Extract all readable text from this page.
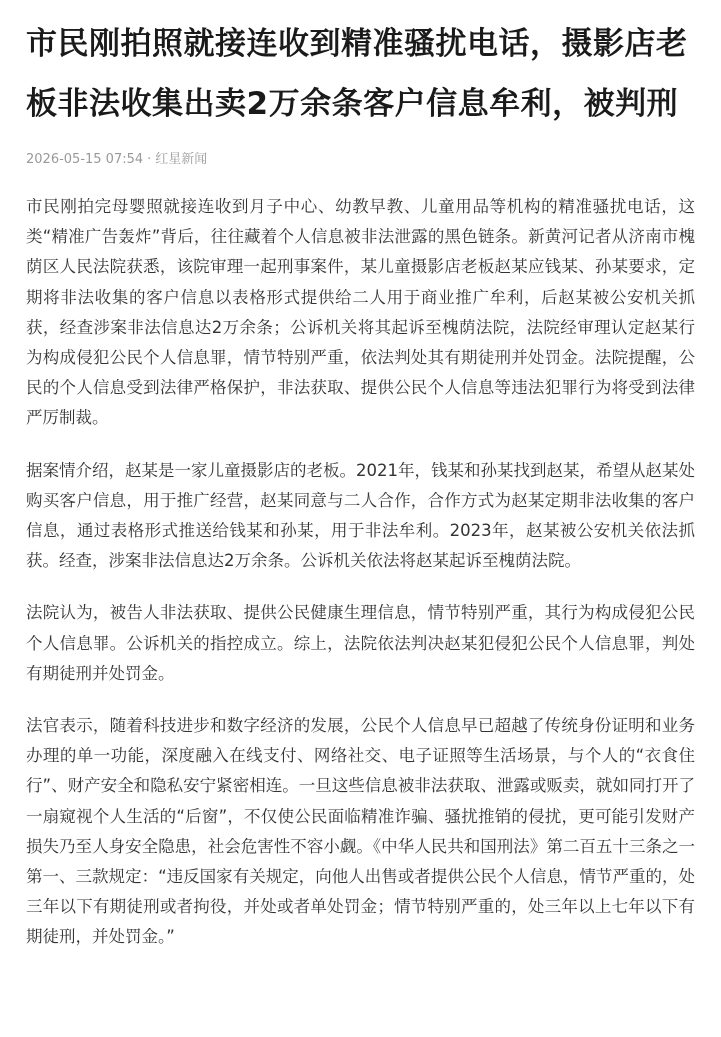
市民刚拍照就接连收到精准骚扰电话，摄影店老板非法收集出卖2万余条客户信息牟利，被判刑
2026-05-15 07:54 · 红星新闻

市民刚拍完母婴照就接连收到月子中心、幼教早教、儿童用品等机构的精准骚扰电话，这类“精准广告轰炸”背后，往往藏着个人信息被非法泄露的黑色链条。新黄河记者从济南市槐荫区人民法院获悉，该院审理一起刑事案件，某儿童摄影店老板赵某应钱某、孙某要求，定期将非法收集的客户信息以表格形式提供给二人用于商业推广牟利，后赵某被公安机关抓获，经查涉案非法信息达2万余条；公诉机关将其起诉至槐荫法院，法院经审理认定赵某行为构成侵犯公民个人信息罪，情节特别严重，依法判处其有期徒刑并处罚金。法院提醒，公民的个人信息受到法律严格保护，非法获取、提供公民个人信息等违法犯罪行为将受到法律严厉制裁。

据案情介绍，赵某是一家儿童摄影店的老板。2021年，钱某和孙某找到赵某，希望从赵某处购买客户信息，用于推广经营，赵某同意与二人合作，合作方式为赵某定期非法收集的客户信息，通过表格形式推送给钱某和孙某，用于非法牟利。2023年，赵某被公安机关依法抓获。经查，涉案非法信息达2万余条。公诉机关依法将赵某起诉至槐荫法院。

法院认为，被告人非法获取、提供公民健康生理信息，情节特别严重，其行为构成侵犯公民个人信息罪。公诉机关的指控成立。综上，法院依法判决赵某犯侵犯公民个人信息罪，判处有期徒刑并处罚金。

法官表示，随着科技进步和数字经济的发展，公民个人信息早已超越了传统身份证明和业务办理的单一功能，深度融入在线支付、网络社交、电子证照等生活场景，与个人的“衣食住行”、财产安全和隐私安宁紧密相连。一旦这些信息被非法获取、泄露或贩卖，就如同打开了一扇窥视个人生活的“后窗”，不仅使公民面临精准诈骗、骚扰推销的侵扰，更可能引发财产损失乃至人身安全隐患，社会危害性不容小觑。《中华人民共和国刑法》第二百五十三条之一第一、三款规定：“违反国家有关规定，向他人出售或者提供公民个人信息，情节严重的，处三年以下有期徒刑或者拘役，并处或者单处罚金；情节特别严重的，处三年以上七年以下有期徒刑，并处罚金。”
